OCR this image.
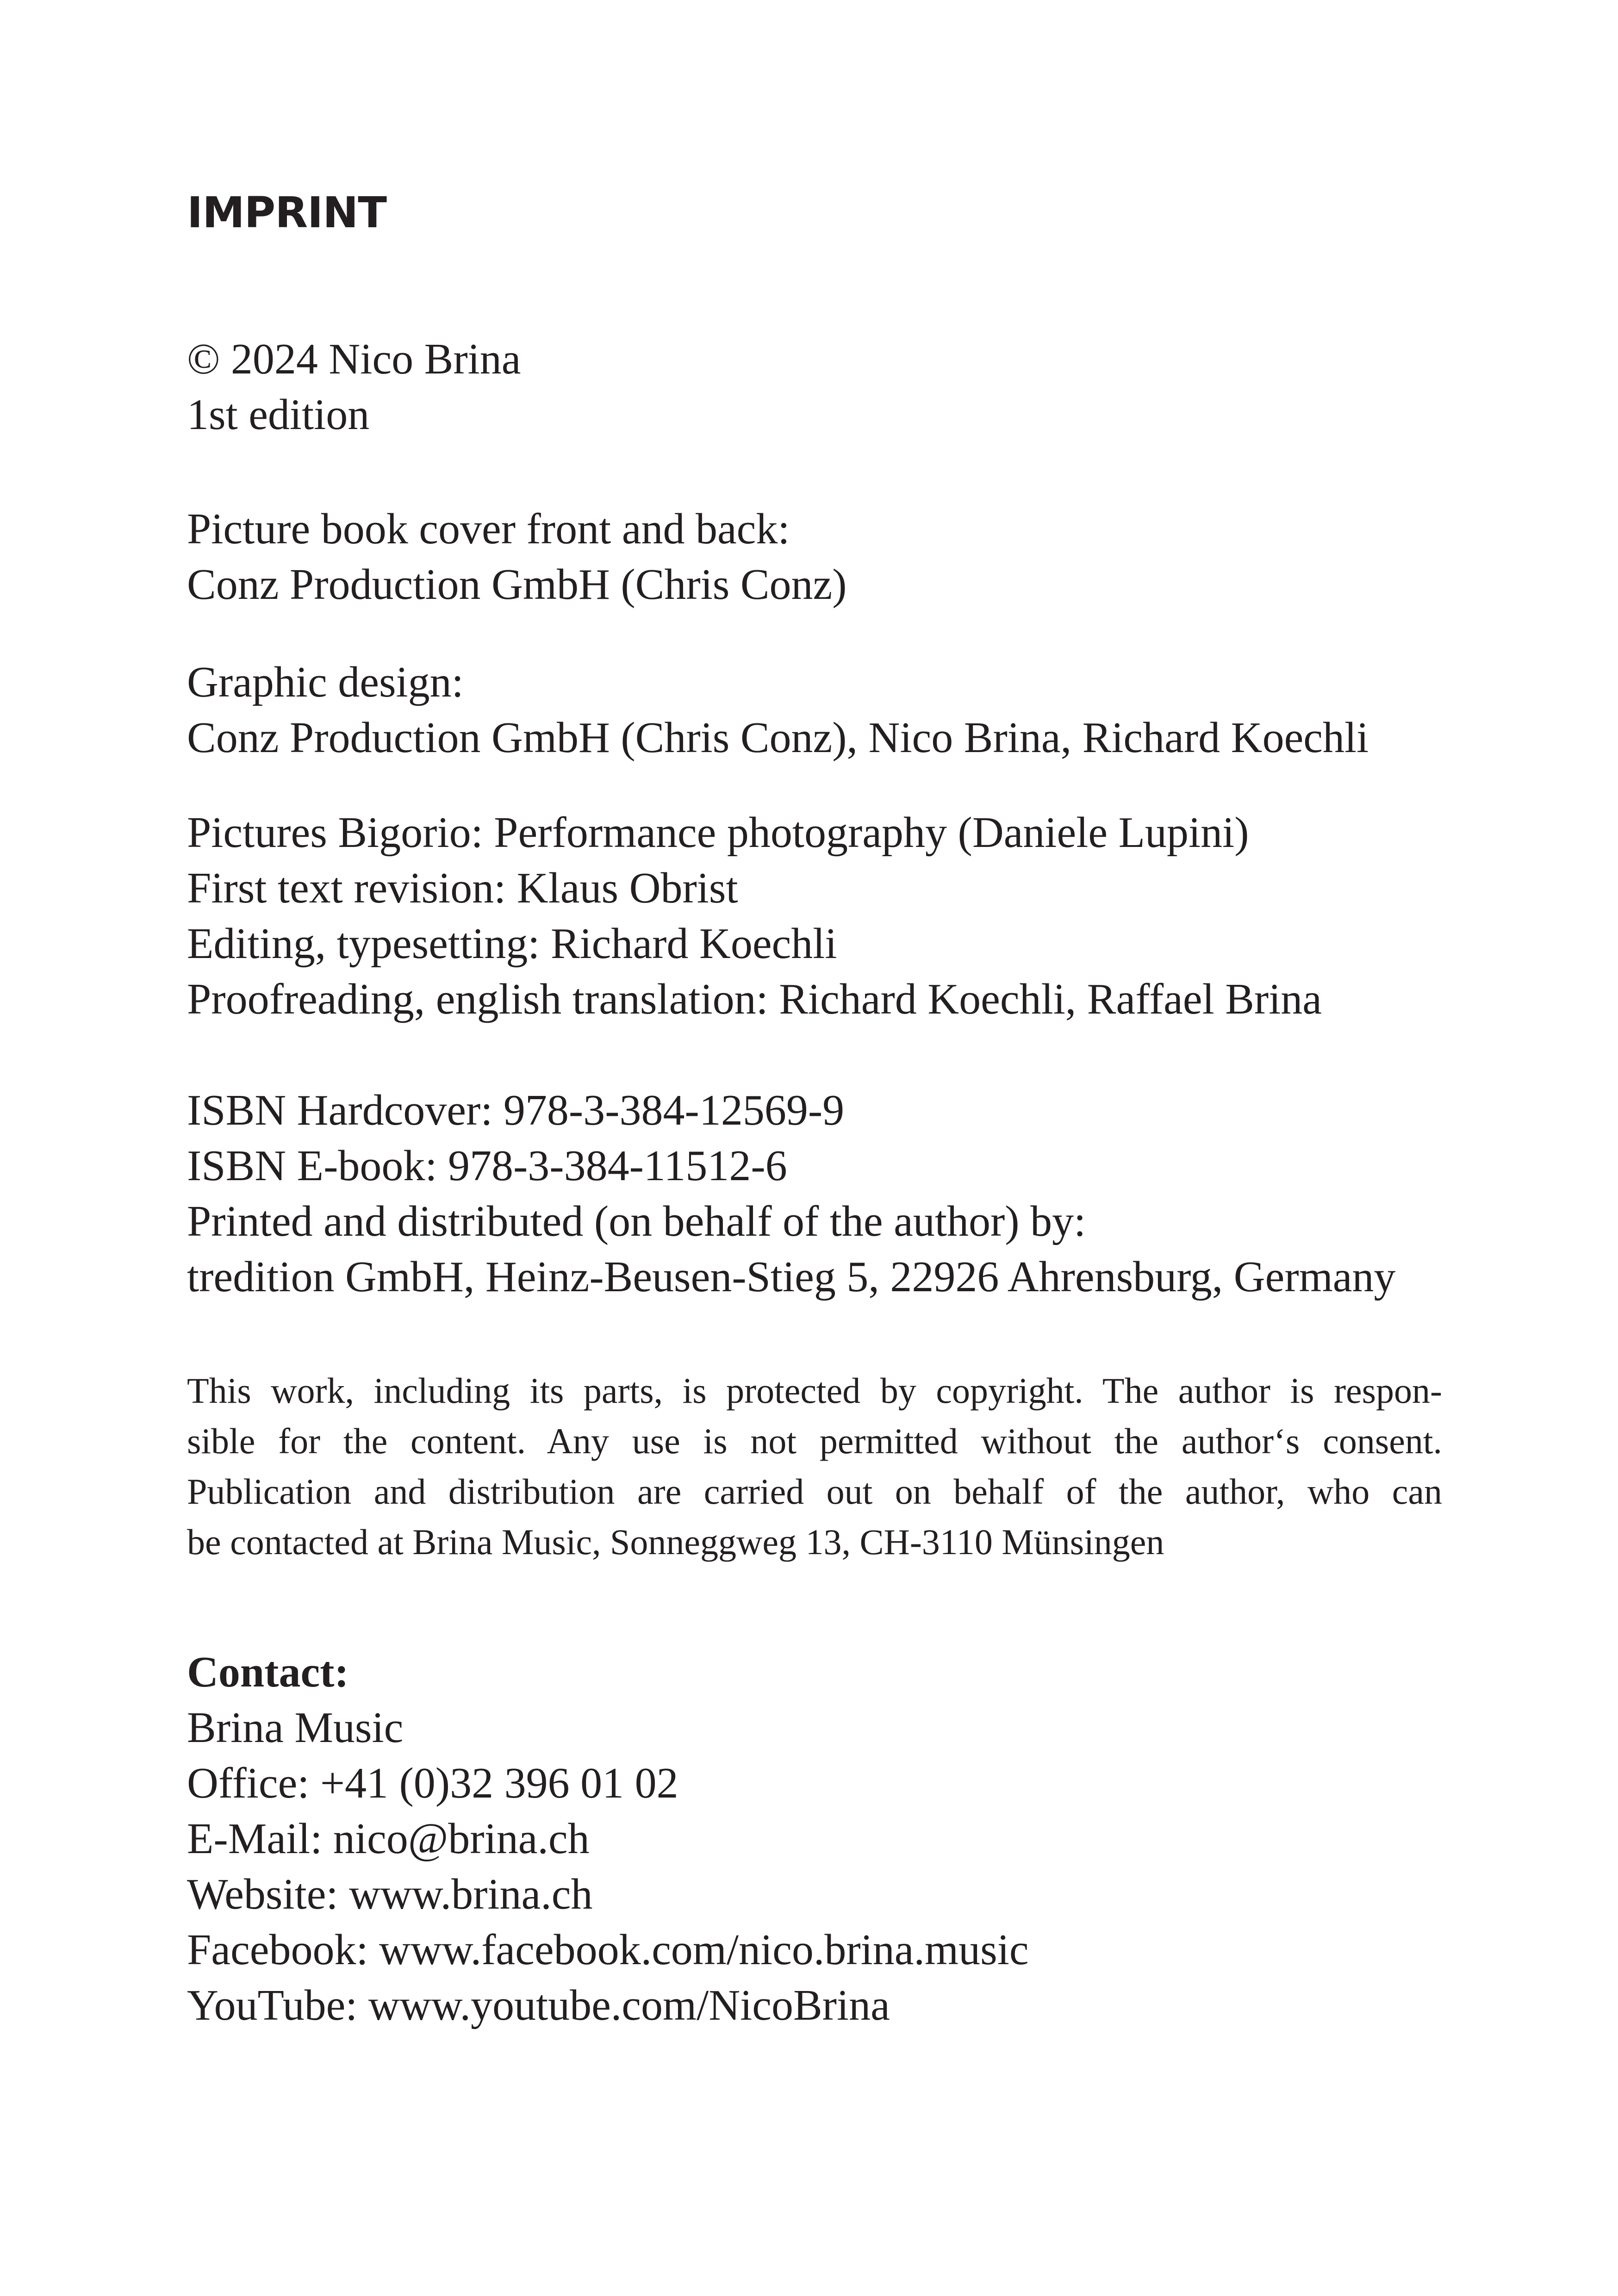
IMPRINT
© 2024 Nico Brina
1st edition
Picture book cover front and back:
Conz Production GmbH (Chris Conz)
Graphic design:
Conz Production GmbH (Chris Conz), Nico Brina, Richard Koechli
Pictures Bigorio: Performance photography (Daniele Lupini)
First text revision: Klaus Obrist
Editing, typesetting: Richard Koechli
Proofreading, english translation: Richard Koechli, Raffael Brina
ISBN Hardcover: 978-3-384-12569-9
ISBN E-book: 978-3-384-11512-6
Printed and distributed (on behalf of the author) by:
tredition GmbH, Heinz-Beusen-Stieg 5, 22926 Ahrensburg, Germany
This work, including its parts, is protected by copyright. The author is respon-
sible for the content. Any use is not permitted without the author‘s consent.
Publication and distribution are carried out on behalf of the author, who can
be contacted at Brina Music, Sonneggweg 13, CH-3110 Münsingen
Contact:
Brina Music
Office: +41 (0)32 396 01 02
E-Mail: nico@brina.ch
Website: www.brina.ch
Facebook: www.facebook.com/nico.brina.music
YouTube: www.youtube.com/NicoBrina
